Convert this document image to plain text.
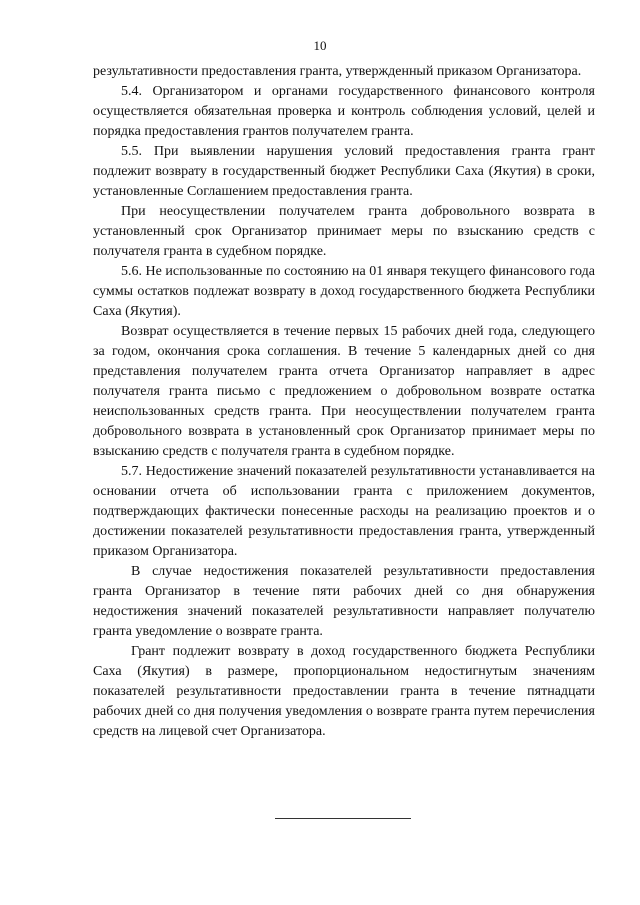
10

результативности предоставления гранта, утвержденный приказом Организатора.

5.4. Организатором и органами государственного финансового контроля осуществляется обязательная проверка и контроль соблюдения условий, целей и порядка предоставления грантов получателем гранта.

5.5. При выявлении нарушения условий предоставления гранта грант подлежит возврату в государственный бюджет Республики Саха (Якутия) в сроки, установленные Соглашением предоставления гранта.

При неосуществлении получателем гранта добровольного возврата в установленный срок Организатор принимает меры по взысканию средств с получателя гранта в судебном порядке.

5.6. Не использованные по состоянию на 01 января текущего финансового года суммы остатков подлежат возврату в доход государственного бюджета Республики Саха (Якутия).

Возврат осуществляется в течение первых 15 рабочих дней года, следующего за годом, окончания срока соглашения. В течение 5 календарных дней со дня представления получателем гранта отчета Организатор направляет в адрес получателя гранта письмо с предложением о добровольном возврате остатка неиспользованных средств гранта. При неосуществлении получателем гранта добровольного возврата в установленный срок Организатор принимает меры по взысканию средств с получателя гранта в судебном порядке.

5.7. Недостижение значений показателей результативности устанавливается на основании отчета об использовании гранта с приложением документов, подтверждающих фактически понесенные расходы на реализацию проектов и о достижении показателей результативности предоставления гранта, утвержденный приказом Организатора.

В случае недостижения показателей результативности предоставления гранта Организатор в течение пяти рабочих дней со дня обнаружения недостижения значений показателей результативности направляет получателю гранта уведомление о возврате гранта.

Грант подлежит возврату в доход государственного бюджета Республики Саха (Якутия) в размере, пропорциональном недостигнутым значениям показателей результативности предоставлении гранта в течение пятнадцати рабочих дней со дня получения уведомления о возврате гранта путем перечисления средств на лицевой счет Организатора.
